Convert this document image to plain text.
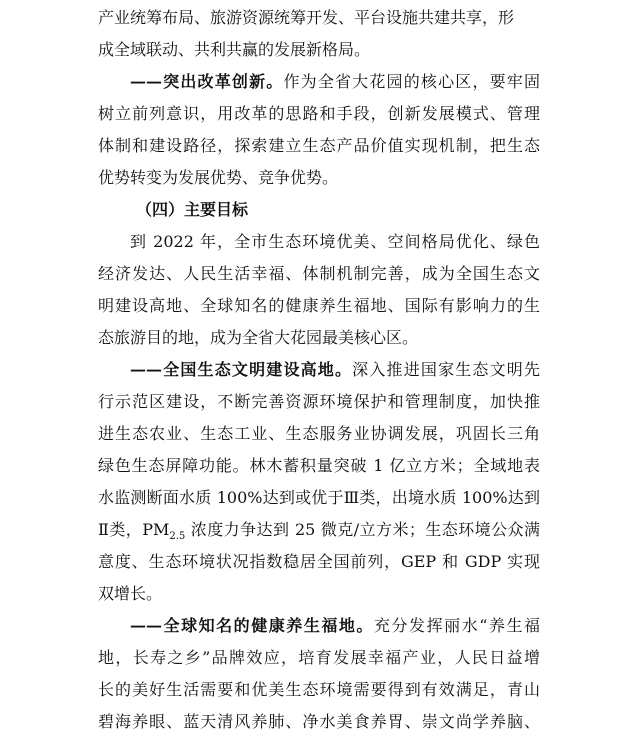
产业统筹布局、旅游资源统筹开发、平台设施共建共享，形
成全域联动、共利共赢的发展新格局。
——突出改革创新。作为全省大花园的核心区，要牢固
树立前列意识，用改革的思路和手段，创新发展模式、管理
体制和建设路径，探索建立生态产品价值实现机制，把生态
优势转变为发展优势、竞争优势。
（四）主要目标
到 2022 年，全市生态环境优美、空间格局优化、绿色
经济发达、人民生活幸福、体制机制完善，成为全国生态文
明建设高地、全球知名的健康养生福地、国际有影响力的生
态旅游目的地，成为全省大花园最美核心区。
——全国生态文明建设高地。深入推进国家生态文明先
行示范区建设，不断完善资源环境保护和管理制度，加快推
进生态农业、生态工业、生态服务业协调发展，巩固长三角
绿色生态屏障功能。林木蓄积量突破 1 亿立方米；全域地表
水监测断面水质 100%达到或优于Ⅲ类，出境水质 100%达到
Ⅱ类，$PM_{2.5}$ 浓度力争达到 25 微克/立方米；生态环境公众满
意度、生态环境状况指数稳居全国前列，GEP 和 GDP 实现
双增长。
——全球知名的健康养生福地。充分发挥丽水“养生福
地，长寿之乡”品牌效应，培育发展幸福产业，人民日益增
长的美好生活需要和优美生态环境需要得到有效满足，青山
碧海养眼、蓝天清风养肺、净水美食养胃、崇文尚学养脑、
